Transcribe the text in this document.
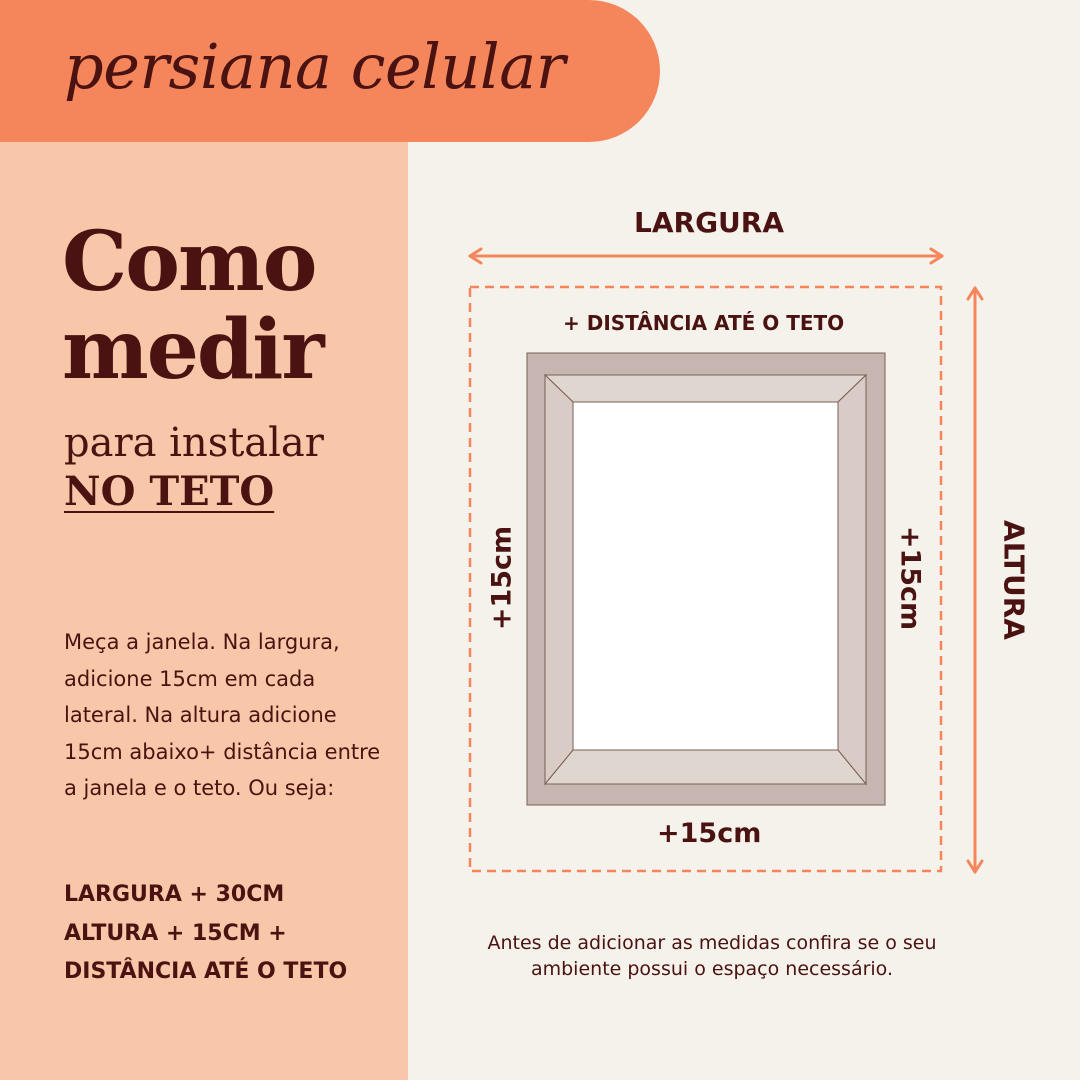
persiana celular
Como
medir
para instalar
NO TETO
Meça a janela. Na largura, adicione 15cm em cada lateral. Na altura adicione 15cm abaixo+ distância entre a janela e o teto. Ou seja:
LARGURA + 30CM
ALTURA + 15CM +
DISTÂNCIA ATÉ O TETO
LARGURA
+ DISTÂNCIA ATÉ O TETO
+15cm
+15cm	+15cm	ALTURA
Antes de adicionar as medidas confira se o seu ambiente possui o espaço necessário.
